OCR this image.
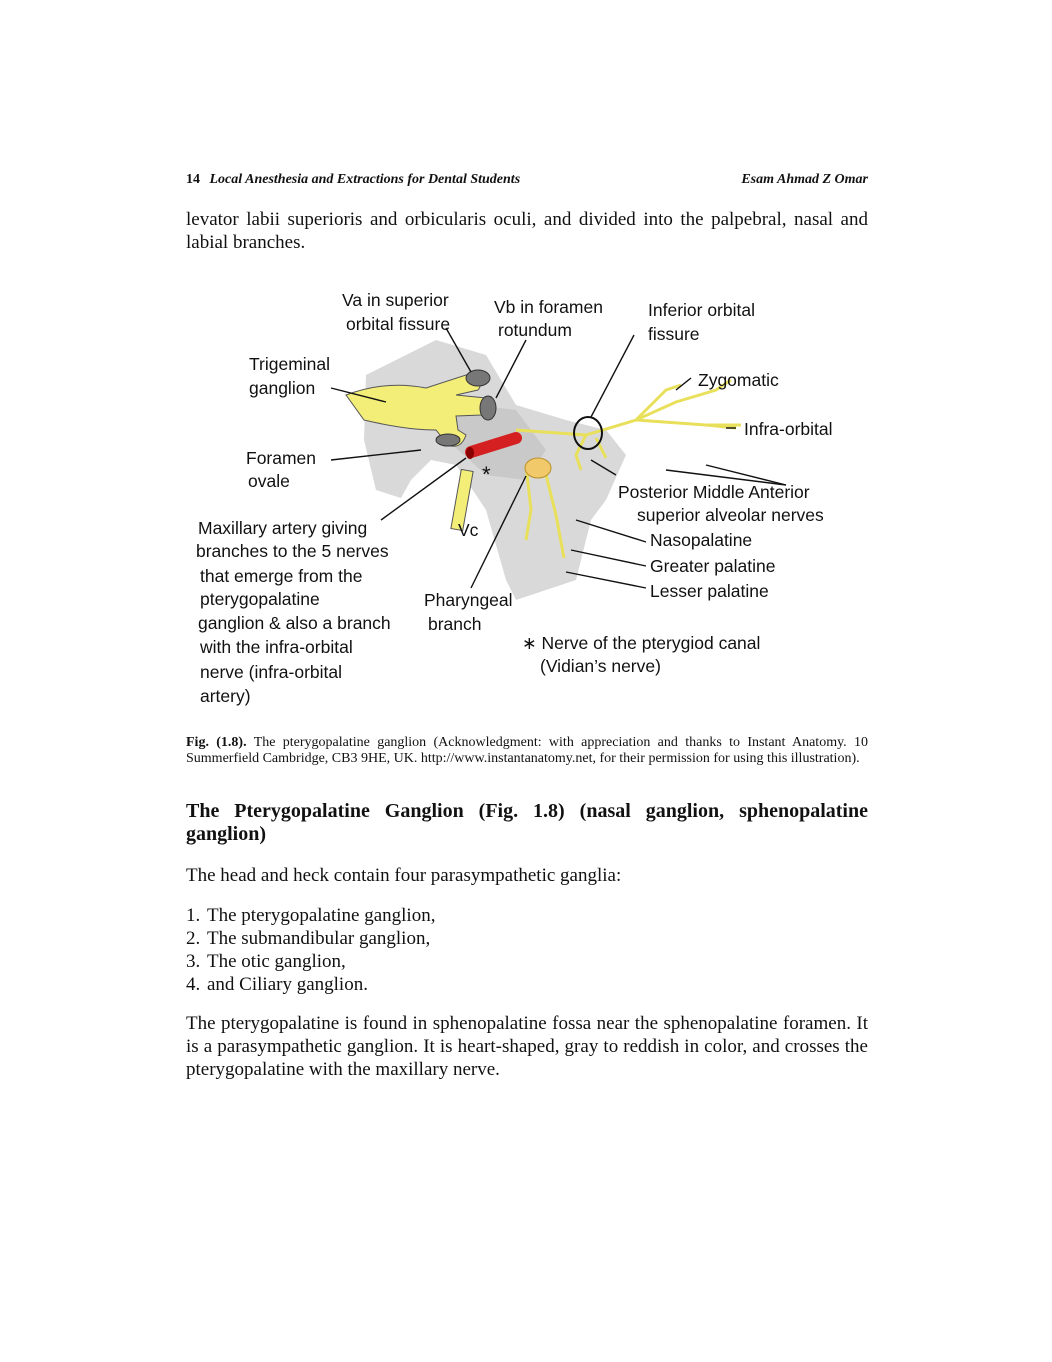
14 Local Anesthesia and Extractions for Dental Students	Esam Ahmad Z Omar

levator labii superioris and orbicularis oculi, and divided into the palpebral, nasal and labial branches.

Va in superior
orbital fissure
Vb in foramen
rotundum
Inferior orbital
fissure
Trigeminal
ganglion	Zygomatic
Infra-orbital
Foramen
ovale	*
Vc
Posterior Middle Anterior
superior alveolar nerves
Maxillary artery giving
branches to the 5 nerves
that emerge from the
pterygopalatine
ganglion & also a branch
with the infra-orbital
nerve (infra-orbital
artery)
Nasopalatine
Greater palatine
Lesser palatine
Pharyngeal
branch
∗ Nerve of the pterygiod canal
(Vidian’s nerve)

Fig. (1.8). The pterygopalatine ganglion (Acknowledgment: with appreciation and thanks to Instant Anatomy. 10 Summerfield Cambridge, CB3 9HE, UK. http://www.instantanatomy.net, for their permission for using this illustration).

The Pterygopalatine Ganglion (Fig. 1.8) (nasal ganglion, sphenopalatine ganglion)

The head and heck contain four parasympathetic ganglia:

1. The pterygopalatine ganglion,
2. The submandibular ganglion,
3. The otic ganglion,
4. and Ciliary ganglion.

The pterygopalatine is found in sphenopalatine fossa near the sphenopalatine foramen. It is a parasympathetic ganglion. It is heart-shaped, gray to reddish in color, and crosses the pterygopalatine with the maxillary nerve.
